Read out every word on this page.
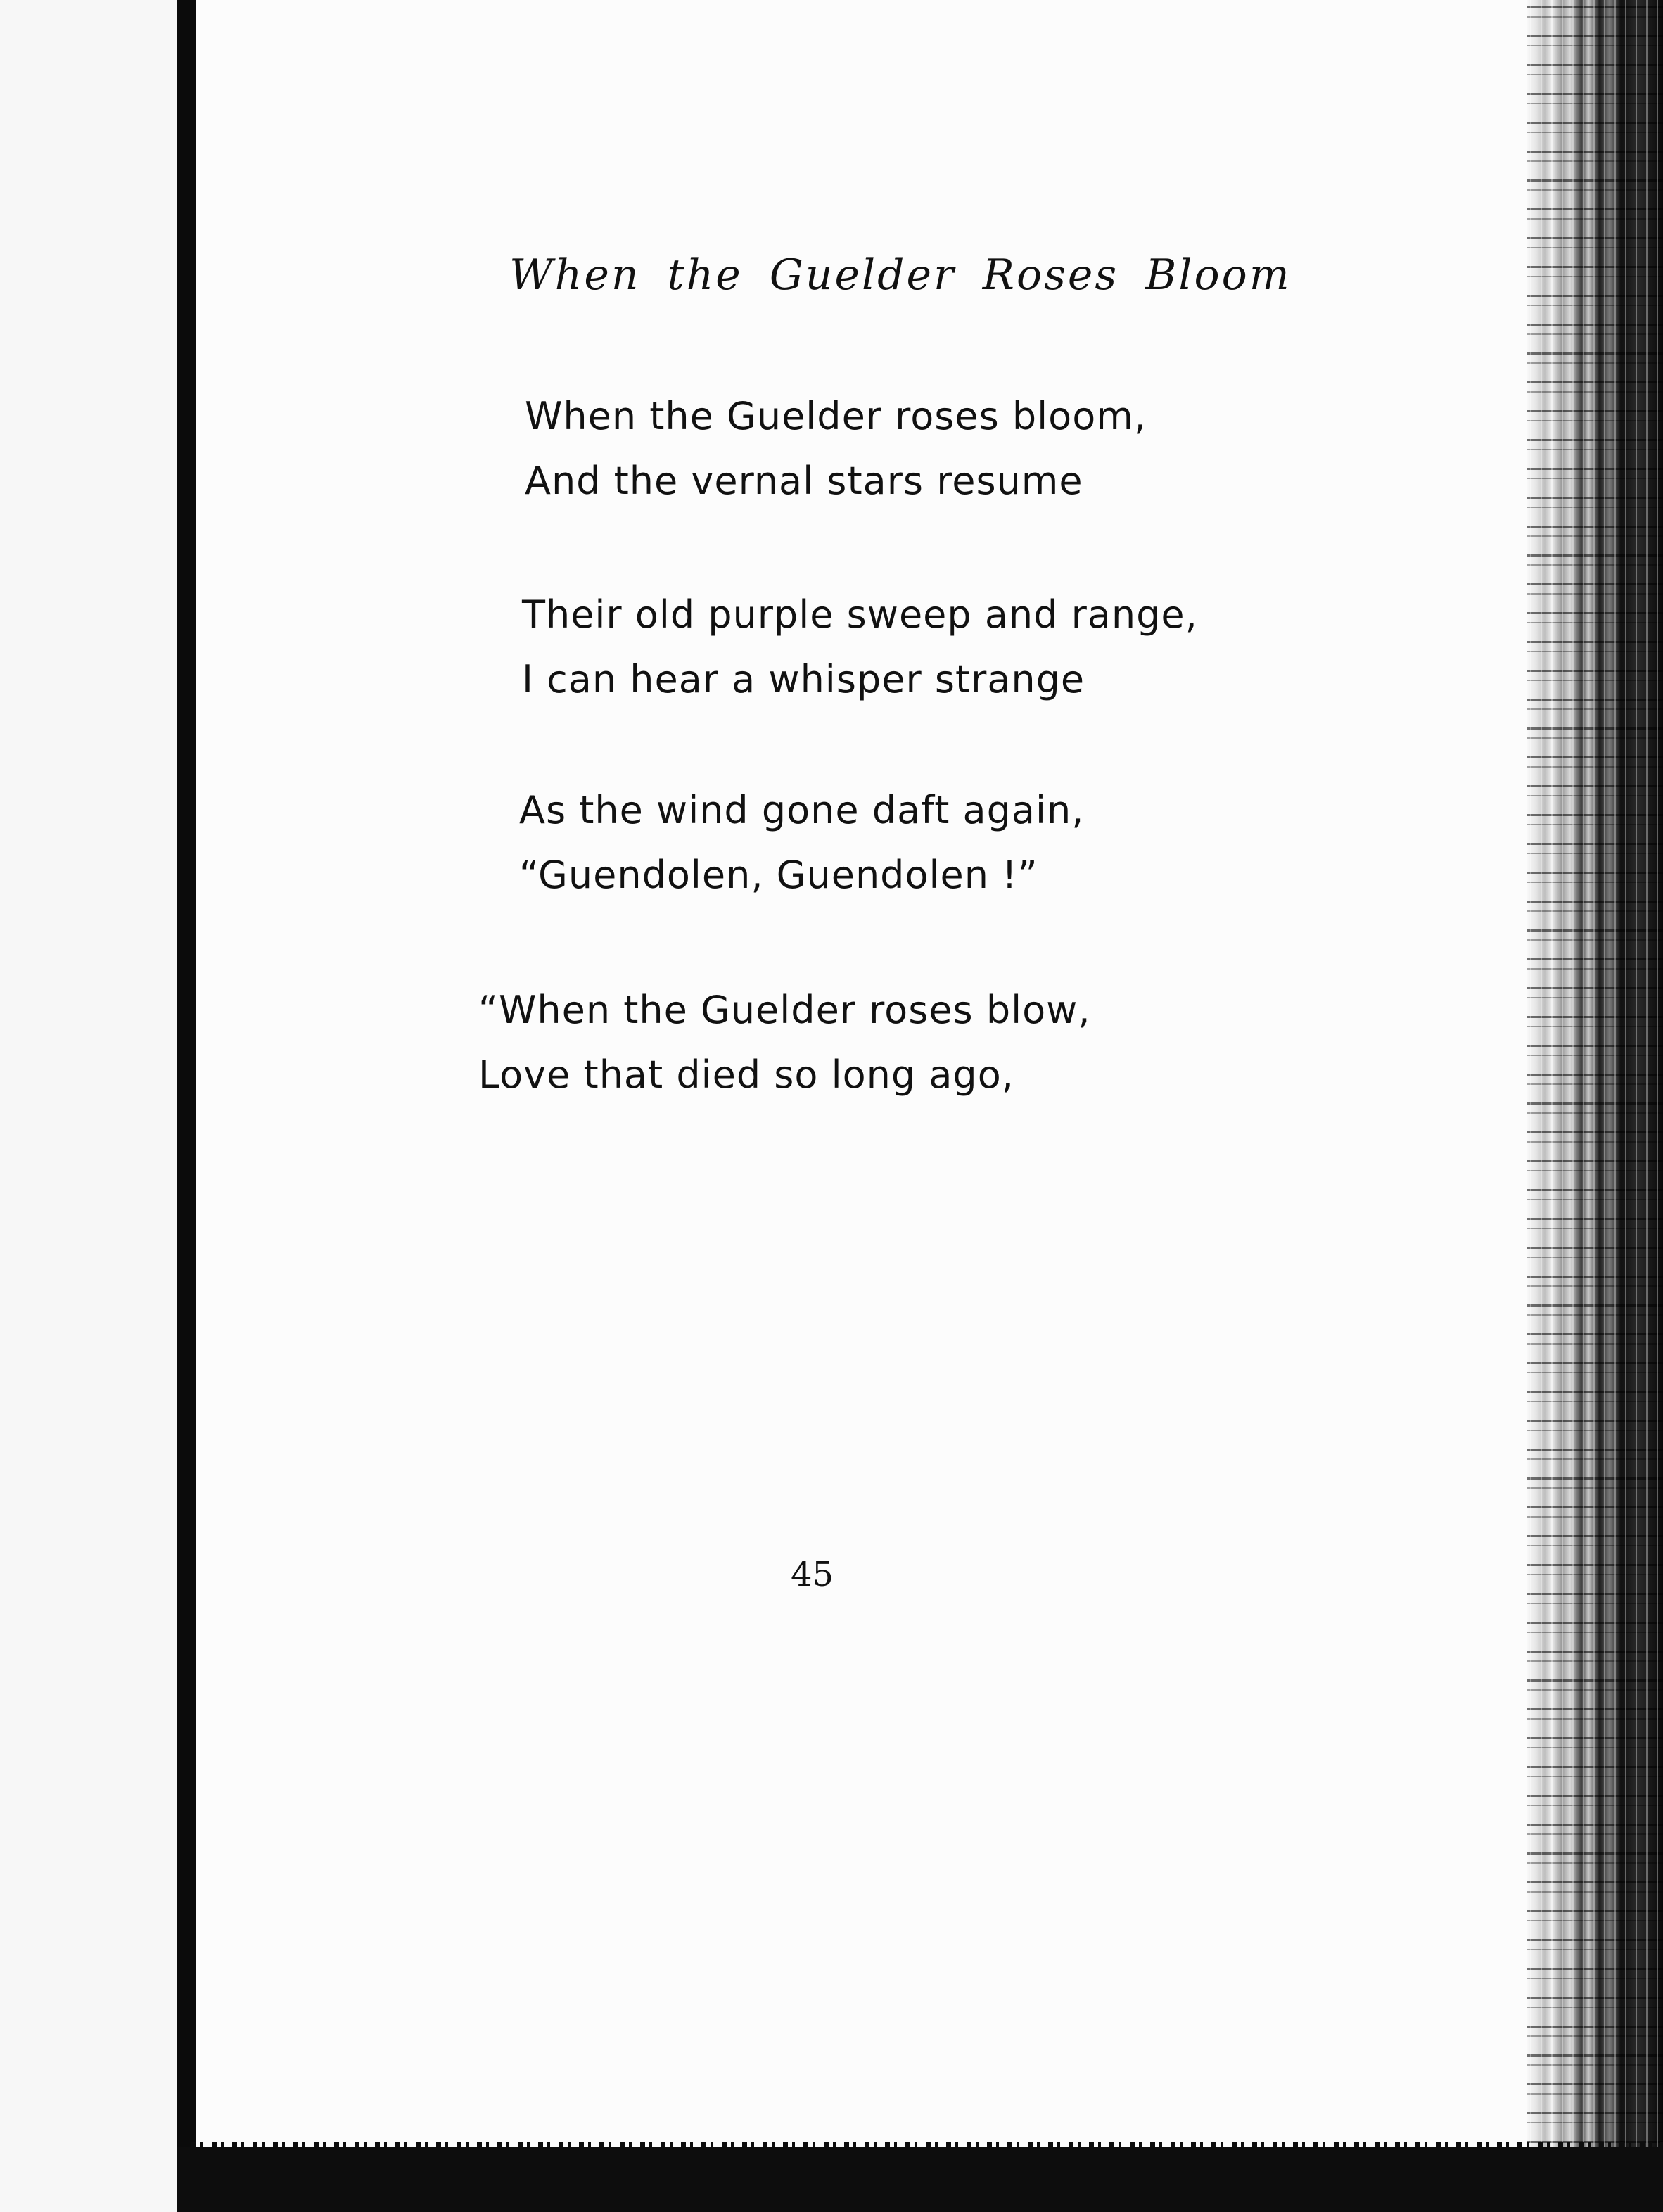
When the Guelder Roses Bloom

When the Guelder roses bloom,
And the vernal stars resume

Their old purple sweep and range,
I can hear a whisper strange

As the wind gone daft again,
“Guendolen, Guendolen !”

“When the Guelder roses blow,
Love that died so long ago,

45
